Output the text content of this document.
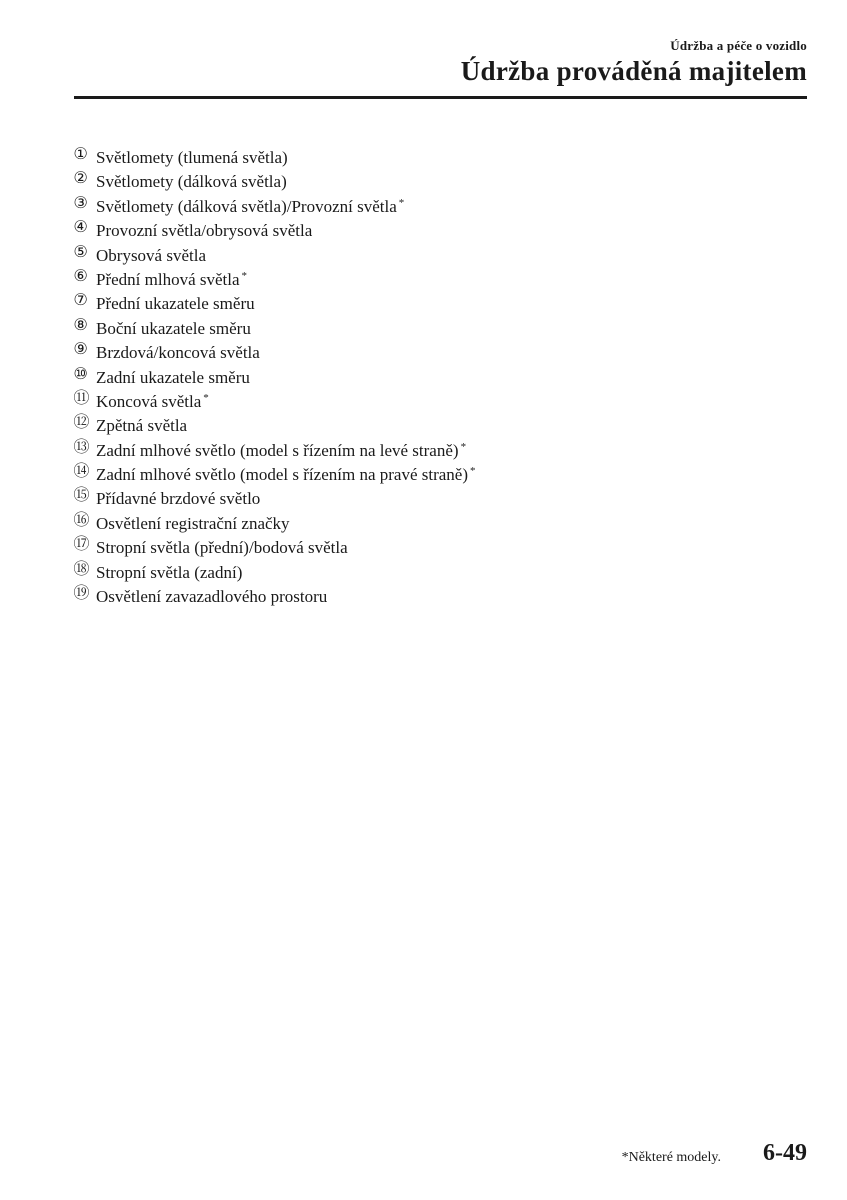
Údržba a péče o vozidlo
Údržba prováděná majitelem
① Světlomety (tlumená světla)
② Světlomety (dálková světla)
③ Světlomety (dálková světla)/Provozní světla *
④ Provozní světla/obrysová světla
⑤ Obrysová světla
⑥ Přední mlhová světla *
⑦ Přední ukazatele směru
⑧ Boční ukazatele směru
⑨ Brzdová/koncová světla
⑩ Zadní ukazatele směru
⑪ Koncová světla *
⑫ Zpětná světla
⑬ Zadní mlhové světlo (model s řízením na levé straně) *
⑭ Zadní mlhové světlo (model s řízením na pravé straně) *
⑮ Přídavné brzdové světlo
⑯ Osvětlení registrační značky
⑰ Stropní světla (přední)/bodová světla
⑱ Stropní světla (zadní)
⑲ Osvětlení zavazadlového prostoru
*Některé modely. 6-49
